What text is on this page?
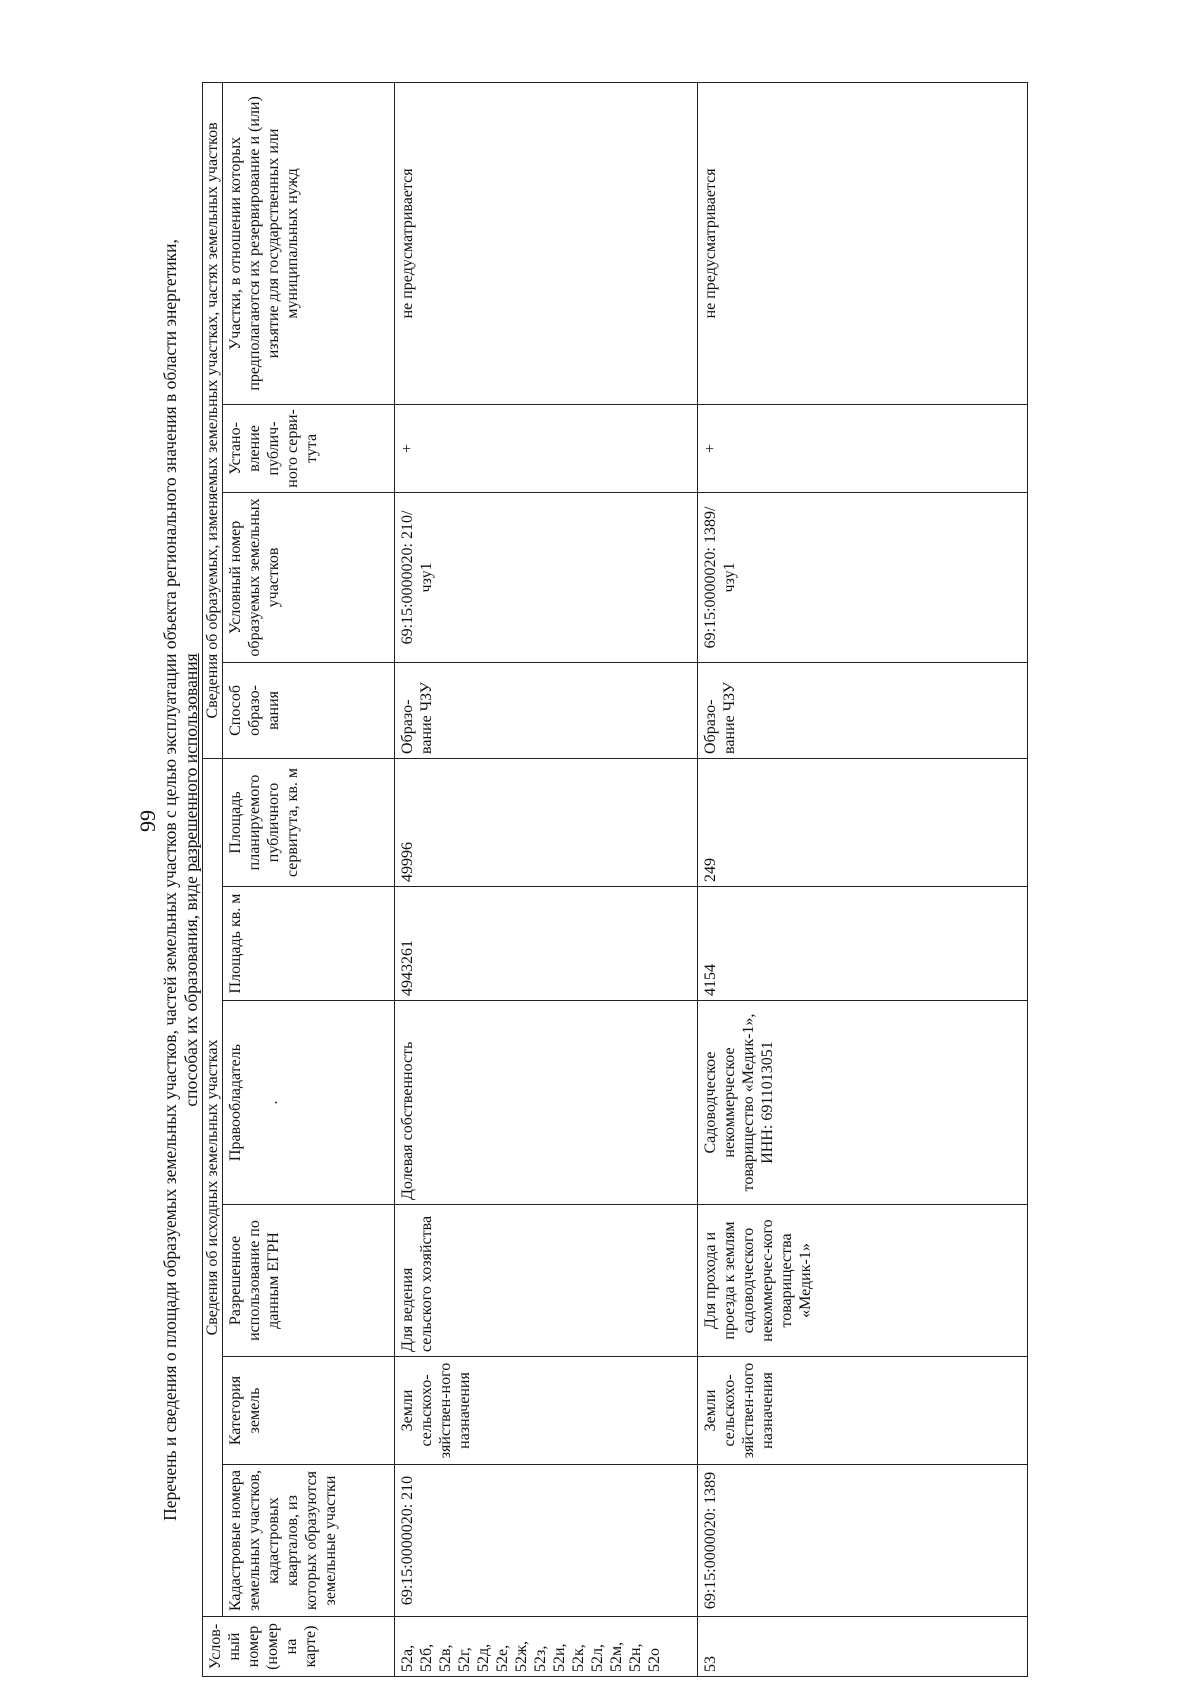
99 Перечень и сведения о площади образуемых земельных участков, частей земельных участков с целью эксплуатации объекта регионального значения в области энергетики,
способах их образования, виде разрешенного использования
Услов-ный номер (номер на карте)	Сведения об исходных земельных участках						Сведения об образуемых, изменяемых земельных участках, частях земельных участков			
	Кадастровые номера земельных участков, кадастровых кварталов, из которых образуются земельные участки	Категория земель	Разрешенное использование по данным ЕГРН	Правообладатель .	Площадь кв. м	Площадь планируемого публичного сервитута, кв. м	Способ образо-вания	Условный номер образуемых земельных участков	Устано-вление публич-ного серви-тута	Участки, в отношении которых предполагаются их резервирование и (или) изъятие для государственных или муниципальных нужд
52а, 52б, 52в, 52г, 52д, 52е, 52ж, 52з, 52и, 52к, 52л, 52м, 52н, 52о	69:15:0000020: 210	Земли сельскохо-зяйствен-ного назначения	Для ведения сельского хозяйства	Долевая собственность	4943261	49996	Образо-вание ЧЗУ	69:15:0000020: 210/чзу1	+	не предусматривается
53	69:15:0000020: 1389	Земли сельскохо-зяйствен-ного назначения	Для прохода и проезда к землям садоводческого некоммерчес-кого товарищества «Медик-1»	Садоводческое некоммерческое товарищество «Медик-1», ИНН: 6911013051	4154	249	Образо-вание ЧЗУ	69:15:0000020: 1389/чзу1	+	не предусматривается
